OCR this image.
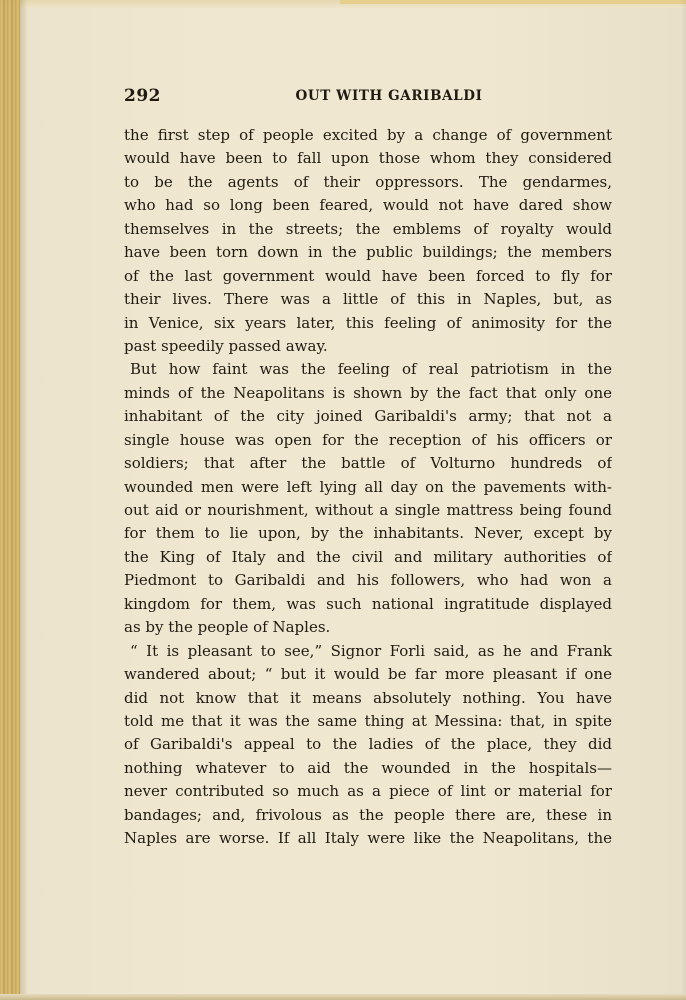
292	OUT WITH GARIBALDI
the first step of people excited by a change of government
would have been to fall upon those whom they considered
to be the agents of their oppressors. The gendarmes,
who had so long been feared, would not have dared show
themselves in the streets; the emblems of royalty would
have been torn down in the public buildings; the members
of the last government would have been forced to fly for
their lives. There was a little of this in Naples, but, as
in Venice, six years later, this feeling of animosity for the
past speedily passed away.
But how faint was the feeling of real patriotism in the
minds of the Neapolitans is shown by the fact that only one
inhabitant of the city joined Garibaldi's army; that not a
single house was open for the reception of his officers or
soldiers; that after the battle of Volturno hundreds of
wounded men were left lying all day on the pavements with-
out aid or nourishment, without a single mattress being found
for them to lie upon, by the inhabitants. Never, except by
the King of Italy and the civil and military authorities of
Piedmont to Garibaldi and his followers, who had won a
kingdom for them, was such national ingratitude displayed
as by the people of Naples.
“ It is pleasant to see,” Signor Forli said, as he and Frank
wandered about; “ but it would be far more pleasant if one
did not know that it means absolutely nothing. You have
told me that it was the same thing at Messina: that, in spite
of Garibaldi's appeal to the ladies of the place, they did
nothing whatever to aid the wounded in the hospitals—
never contributed so much as a piece of lint or material for
bandages; and, frivolous as the people there are, these in
Naples are worse. If all Italy were like the Neapolitans, the
